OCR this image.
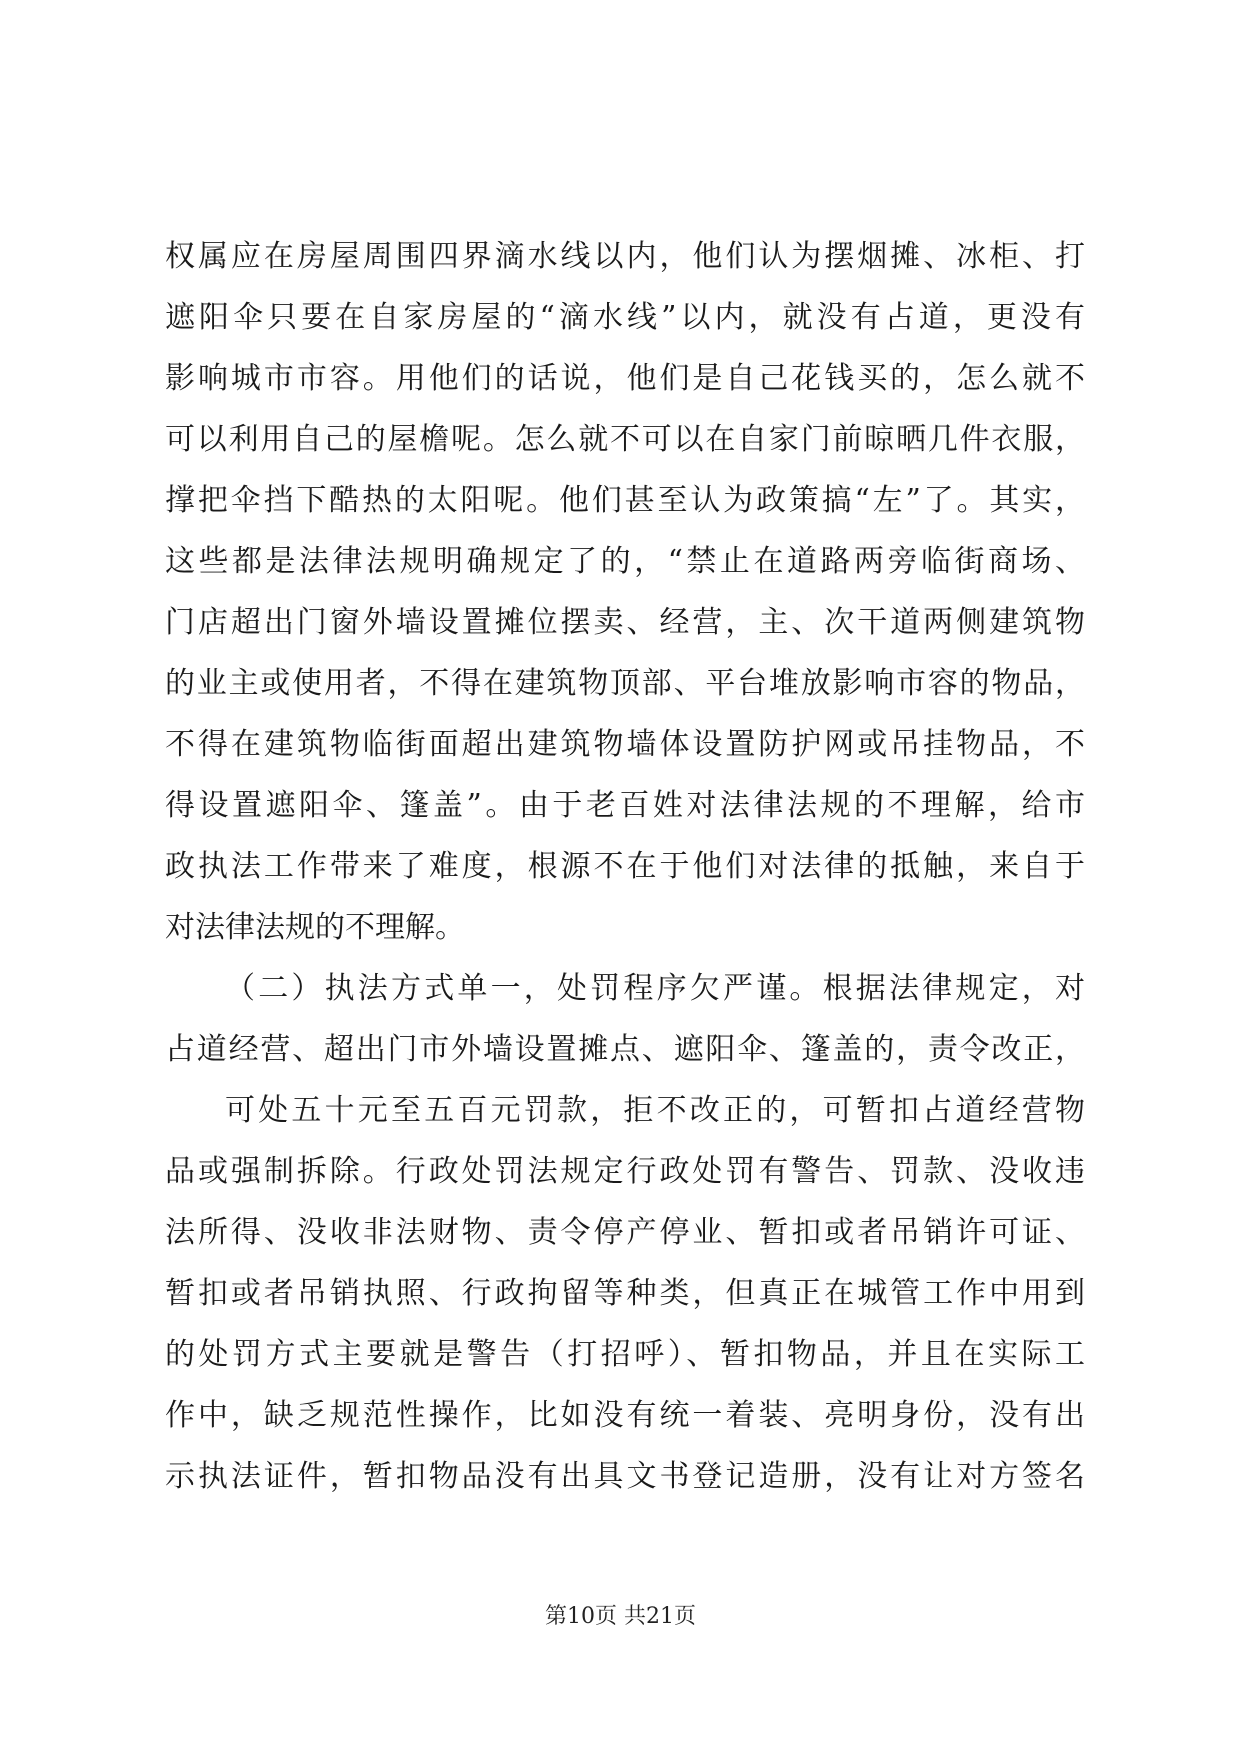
权属应在房屋周围四界滴水线以内，他们认为摆烟摊、冰柜、打
遮阳伞只要在自家房屋的“滴水线”以内，就没有占道，更没有
影响城市市容。用他们的话说，他们是自己花钱买的，怎么就不
可以利用自己的屋檐呢。怎么就不可以在自家门前晾晒几件衣服，
撑把伞挡下酷热的太阳呢。他们甚至认为政策搞“左”了。其实，
这些都是法律法规明确规定了的，“禁止在道路两旁临街商场、
门店超出门窗外墙设置摊位摆卖、经营，主、次干道两侧建筑物
的业主或使用者，不得在建筑物顶部、平台堆放影响市容的物品，
不得在建筑物临街面超出建筑物墙体设置防护网或吊挂物品，不
得设置遮阳伞、篷盖”。由于老百姓对法律法规的不理解，给市
政执法工作带来了难度，根源不在于他们对法律的抵触，来自于
对法律法规的不理解。
（二）执法方式单一，处罚程序欠严谨。根据法律规定，对
占道经营、超出门市外墙设置摊点、遮阳伞、篷盖的，责令改正，
可处五十元至五百元罚款，拒不改正的，可暂扣占道经营物
品或强制拆除。行政处罚法规定行政处罚有警告、罚款、没收违
法所得、没收非法财物、责令停产停业、暂扣或者吊销许可证、
暂扣或者吊销执照、行政拘留等种类，但真正在城管工作中用到
的处罚方式主要就是警告（打招呼）、暂扣物品，并且在实际工
作中，缺乏规范性操作，比如没有统一着装、亮明身份，没有出
示执法证件，暂扣物品没有出具文书登记造册，没有让对方签名
第10页 共21页
